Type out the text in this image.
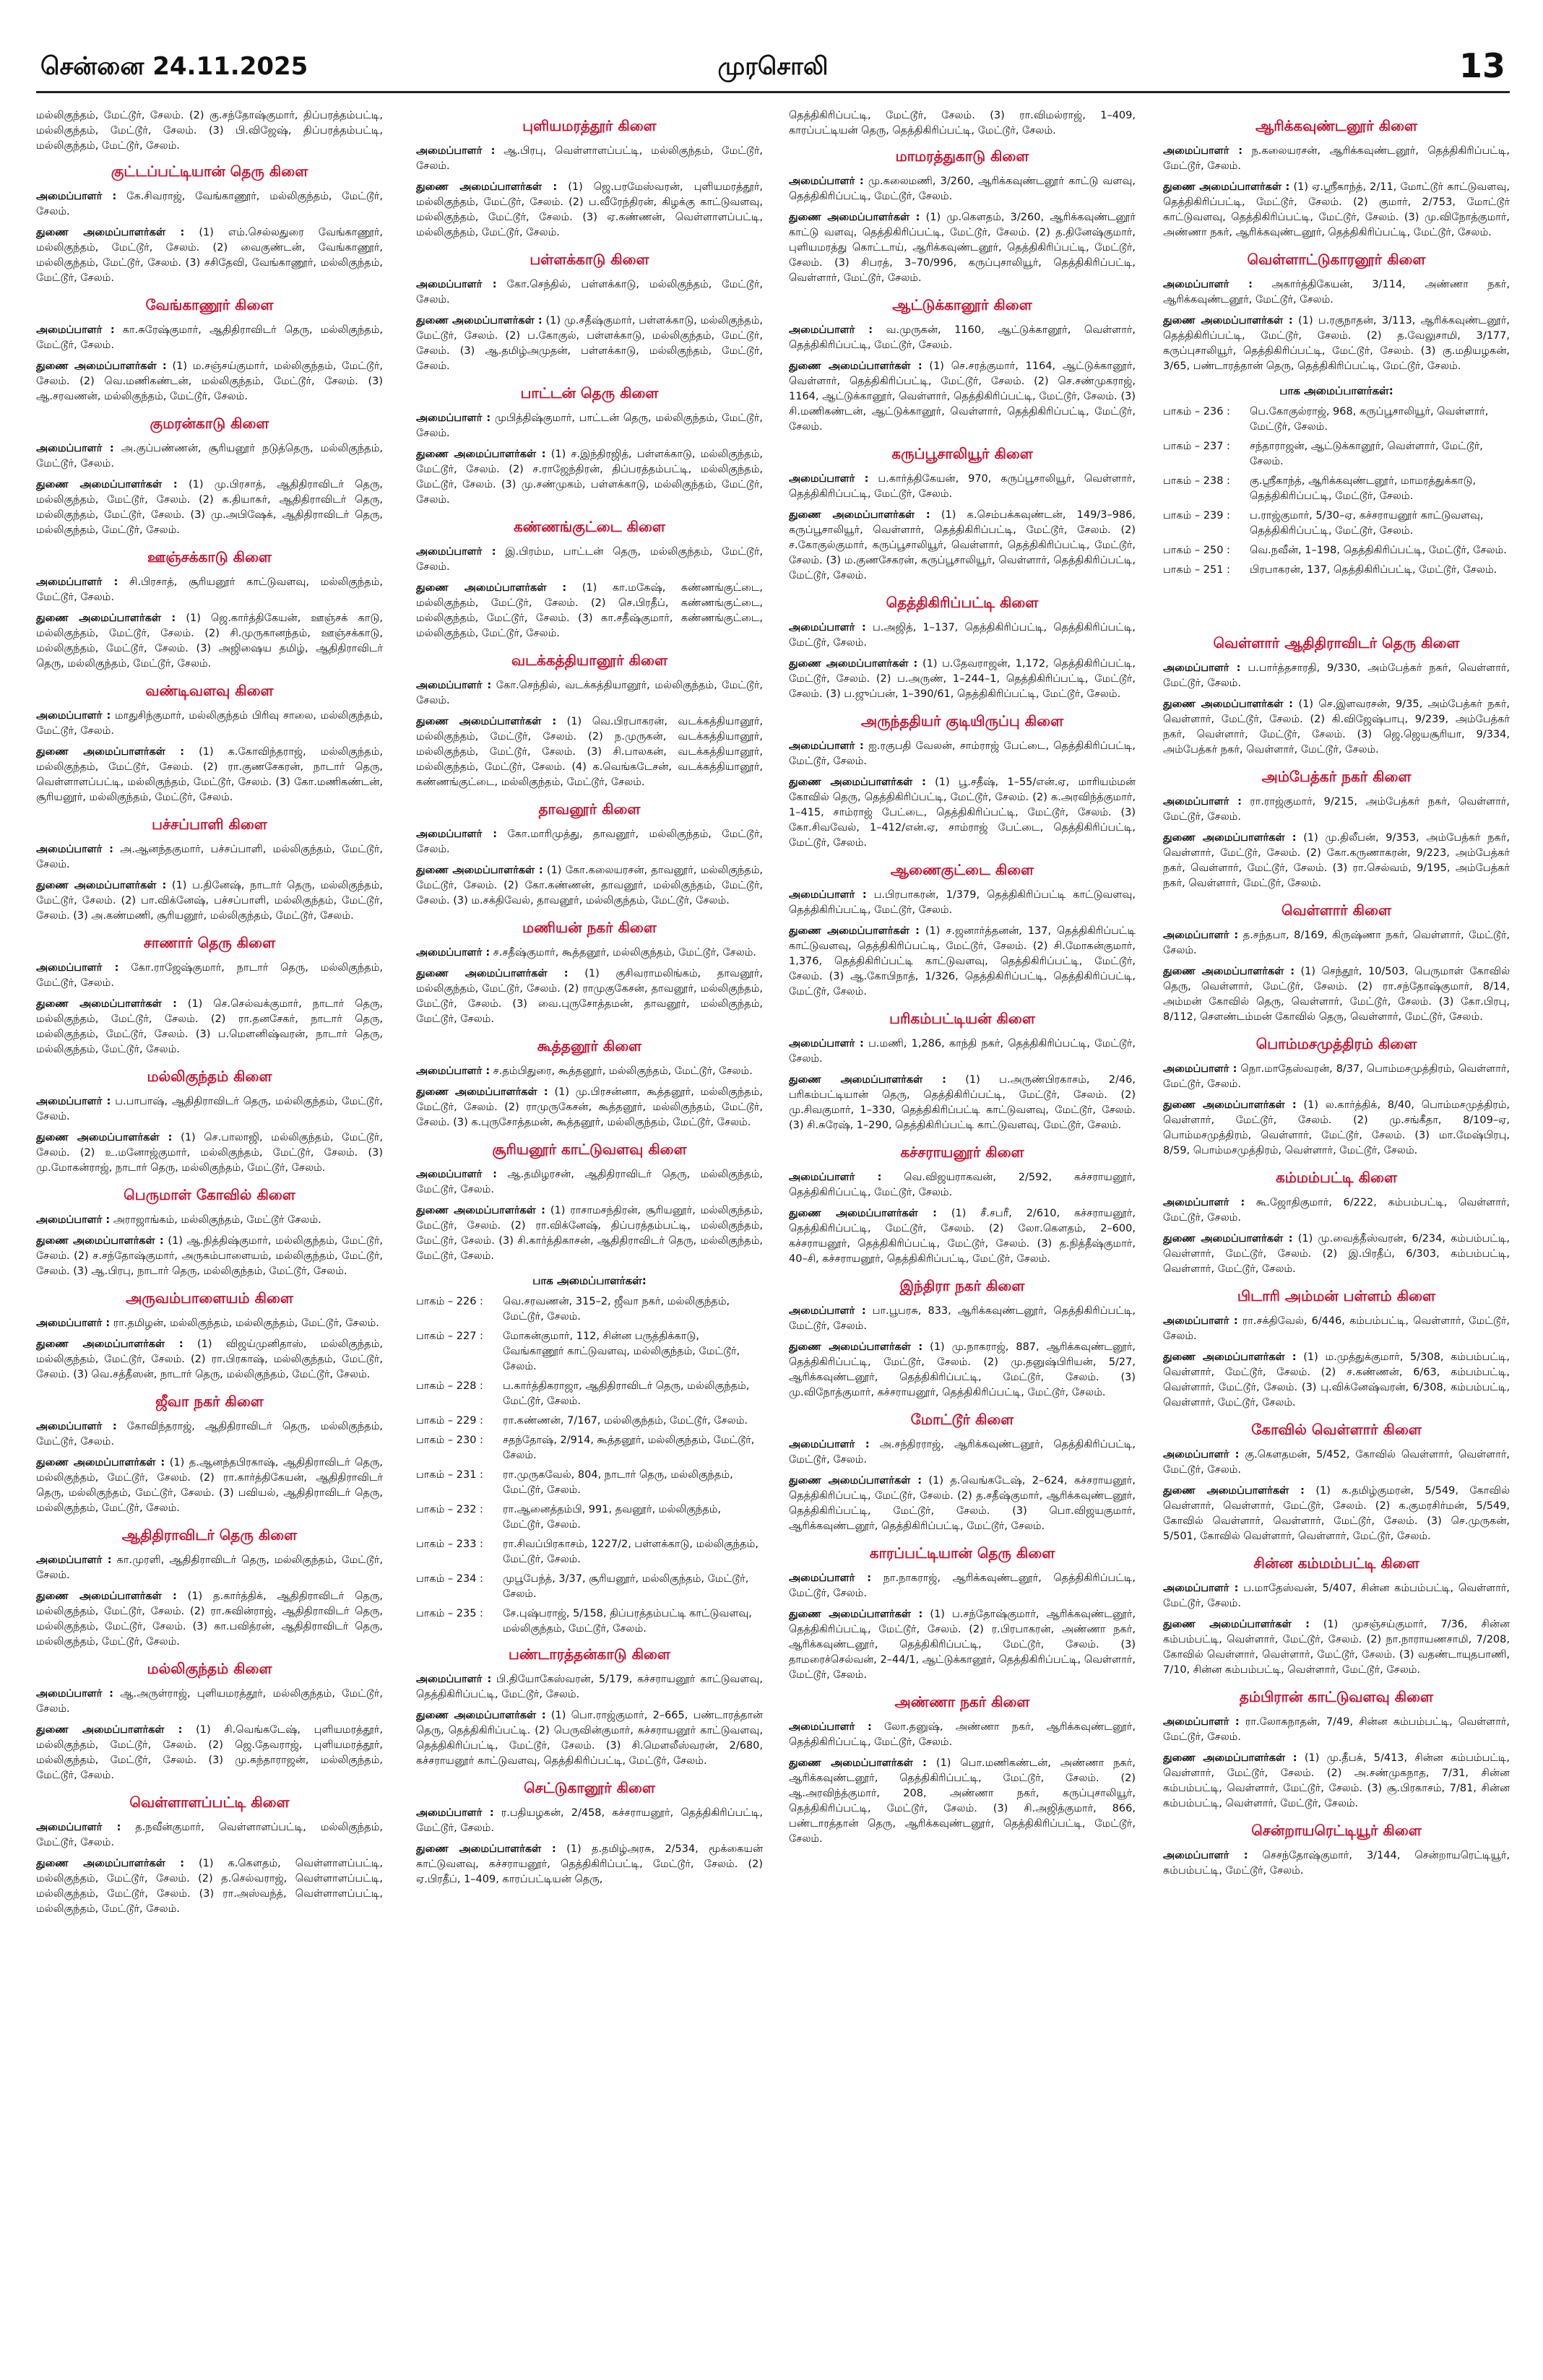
சென்னை 24.11.2025	முரசொலி	13

மல்லிகுந்தம், மேட்டூர், சேலம். (2) கு.சந்தோஷ்குமார், திப்பரத்தம்பட்டி, மல்லிகுந்தம், மேட்டூர், சேலம். (3) பி.விஜேஷ், திப்பரத்தம்பட்டி, மல்லிகுந்தம், மேட்டூர், சேலம்.

குட்டப்பட்டியான் தெரு கிளை

அமைப்பாளர் : கே.சிவராஜ், வேங்காணூர், மல்லிகுந்தம், மேட்டூர், சேலம்.

துணை அமைப்பாளர்கள் : (1) எம்.செல்லதுரை வேங்காணூர், மல்லிகுந்தம், மேட்டூர், சேலம். (2) வைகுண்டன், வேங்காணூர், மல்லிகுந்தம், மேட்டூர், சேலம். (3) சசிதேவி, வேங்காணூர், மல்லிகுந்தம், மேட்டூர், சேலம்.

வேங்காணூர் கிளை

அமைப்பாளர் : கா.சுரேஷ்குமார், ஆதிதிராவிடர் தெரு, மல்லிகுந்தம், மேட்டூர், சேலம்.

துணை அமைப்பாளர்கள் : (1) ம.சஞ்சய்குமார், மல்லிகுந்தம், மேட்டூர், சேலம். (2) வெ.மணிகண்டன், மல்லிகுந்தம், மேட்டூர், சேலம். (3) ஆ.சரவணன், மல்லிகுந்தம், மேட்டூர், சேலம்.

குமரன்காடு கிளை

அமைப்பாளர் : அ.குப்பண்ணன், சூரியனூர் நடுத்தெரு, மல்லிகுந்தம், மேட்டூர், சேலம்.

துணை அமைப்பாளர்கள் : (1) மு.பிரசாத், ஆதிதிராவிடர் தெரு, மல்லிகுந்தம், மேட்டூர், சேலம். (2) க.தியாகர், ஆதிதிராவிடர் தெரு, மல்லிகுந்தம், மேட்டூர், சேலம். (3) மு.அபிஷேக், ஆதிதிராவிடர் தெரு, மல்லிகுந்தம், மேட்டூர், சேலம்.

ஊஞ்சக்காடு கிளை

அமைப்பாளர் : சி.பிரசாத், சூரியனூர் காட்டுவளவு, மல்லிகுந்தம், மேட்டூர், சேலம்.

துணை அமைப்பாளர்கள் : (1) ஜெ.கார்த்திகேயன், ஊஞ்சக் காடு, மல்லிகுந்தம், மேட்டூர், சேலம். (2) சி.முருகானந்தம், ஊஞ்சக்காடு, மல்லிகுந்தம், மேட்டூர், சேலம். (3) அஜிஷைய தமிழ், ஆதிதிராவிடர் தெரு, மல்லிகுந்தம், மேட்டூர், சேலம்.

வண்டிவளவு கிளை

அமைப்பாளர் : மாதுசிந்குமார், மல்லிகுந்தம் பிரிவு சாலை, மல்லிகுந்தம், மேட்டூர், சேலம்.

துணை அமைப்பாளர்கள் : (1) க.கோவிந்தராஜ், மல்லிகுந்தம், மல்லிகுந்தம், மேட்டூர், சேலம். (2) ரா.குணசேகரன், நாடார் தெரு, வெள்ளாளப்பட்டி, மல்லிகுந்தம், மேட்டூர், சேலம். (3) கோ.மணிகண்டன், சூரியனூர், மல்லிகுந்தம், மேட்டூர், சேலம்.

பச்சப்பாளி கிளை

அமைப்பாளர் : அ.ஆனந்தகுமார், பச்சப்பாளி, மல்லிகுந்தம், மேட்டூர், சேலம்.

துணை அமைப்பாளர்கள் : (1) ப.தினேஷ், நாடார் தெரு, மல்லிகுந்தம், மேட்டூர், சேலம். (2) பா.விக்னேஷ், பச்சப்பாளி, மல்லிகுந்தம், மேட்டூர், சேலம். (3) அ.கண்மணி, சூரியனூர், மல்லிகுந்தம், மேட்டூர், சேலம்.

சாணார் தெரு கிளை

அமைப்பாளர் : கோ.ராஜேஷ்குமார், நாடார் தெரு, மல்லிகுந்தம், மேட்டூர், சேலம்.

துணை அமைப்பாளர்கள் : (1) செ.செல்வக்குமார், நாடார் தெரு, மல்லிகுந்தம், மேட்டூர், சேலம். (2) ரா.தனசேகர், நாடார் தெரு, மல்லிகுந்தம், மேட்டூர், சேலம். (3) ப.மௌனிஷ்வரன், நாடார் தெரு, மல்லிகுந்தம், மேட்டூர், சேலம்.

மல்லிகுந்தம் கிளை

அமைப்பாளர் : ப.பாபாஷ், ஆதிதிராவிடர் தெரு, மல்லிகுந்தம், மேட்டூர், சேலம்.

துணை அமைப்பாளர்கள் : (1) செ.பாலாஜி, மல்லிகுந்தம், மேட்டூர், சேலம். (2) உ.மனோஜ்குமார், மல்லிகுந்தம், மேட்டூர், சேலம். (3) மு.மோகன்ராஜ், நாடார் தெரு, மல்லிகுந்தம், மேட்டூர், சேலம்.

பெருமாள் கோவில் கிளை

அமைப்பாளர் : அராஜாங்கம், மல்லிகுந்தம், மேட்டூர் சேலம்.

துணை அமைப்பாளர்கள் : (1) ஆ.நித்திஷ்குமார், மல்லிகுந்தம், மேட்டூர், சேலம். (2) ச.சந்தோஷ்குமார், அருகம்பாளையம், மல்லிகுந்தம், மேட்டூர், சேலம். (3) ஆ.பிரபு, நாடார் தெரு, மல்லிகுந்தம், மேட்டூர், சேலம்.

அருவம்பாளையம் கிளை

அமைப்பாளர் : ரா.தமிழன், மல்லிகுந்தம், மல்லிகுந்தம், மேட்டூர், சேலம்.

துணை அமைப்பாளர்கள் : (1) விஜய்முனிதாஸ், மல்லிகுந்தம், மல்லிகுந்தம், மேட்டூர், சேலம். (2) ரா.பிரகாஷ், மல்லிகுந்தம், மேட்டூர், சேலம். (3) வெ.சத்தீஸன், நாடார் தெரு, மல்லிகுந்தம், மேட்டூர், சேலம்.

ஜீவா நகர் கிளை

அமைப்பாளர் : கோவிந்தராஜ், ஆதிதிராவிடர் தெரு, மல்லிகுந்தம், மேட்டூர், சேலம்.

துணை அமைப்பாளர்கள் : (1) த.ஆனந்தபிரகாஷ், ஆதிதிராவிடர் தெரு, மல்லிகுந்தம், மேட்டூர், சேலம். (2) ரா.கார்த்திகேயன், ஆதிதிராவிடர் தெரு, மல்லிகுந்தம், மேட்டூர், சேலம். (3) பவியல், ஆதிதிராவிடர் தெரு, மல்லிகுந்தம், மேட்டூர், சேலம்.

ஆதிதிராவிடர் தெரு கிளை

அமைப்பாளர் : கா.முரளி, ஆதிதிராவிடர் தெரு, மல்லிகுந்தம், மேட்டூர், சேலம்.

துணை அமைப்பாளர்கள் : (1) த.கார்த்திக், ஆதிதிராவிடர் தெரு, மல்லிகுந்தம், மேட்டூர், சேலம். (2) ரா.சுவின்ராஜ், ஆதிதிராவிடர் தெரு, மல்லிகுந்தம், மேட்டூர், சேலம். (3) கா.பவித்ரன், ஆதிதிராவிடர் தெரு, மல்லிகுந்தம், மேட்டூர், சேலம்.

மல்லிகுந்தம் கிளை

அமைப்பாளர் : ஆ.அருள்ராஜ், புளியமரத்தூர், மல்லிகுந்தம், மேட்டூர், சேலம்.

துணை அமைப்பாளர்கள் : (1) சி.வெங்கடேஷ், புளியமரத்தூர், மல்லிகுந்தம், மேட்டூர், சேலம். (2) ஜெ.தேவராஜ், புளியமரத்தூர், மல்லிகுந்தம், மேட்டூர், சேலம். (3) மு.கந்தாராஜன், மல்லிகுந்தம், மேட்டூர், சேலம்.

வெள்ளாளப்பட்டி கிளை

அமைப்பாளர் : த.நவீன்குமார், வெள்ளாளப்பட்டி, மல்லிகுந்தம், மேட்டூர், சேலம்.

துணை அமைப்பாளர்கள் : (1) க.கௌதம், வெள்ளாளப்பட்டி, மல்லிகுந்தம், மேட்டூர், சேலம். (2) த.செல்வராஜ், வெள்ளாளப்பட்டி, மல்லிகுந்தம், மேட்டூர், சேலம். (3) ரா.அஸ்வந்த், வெள்ளாளப்பட்டி, மல்லிகுந்தம், மேட்டூர், சேலம்.

புளியமரத்தூர் கிளை

அமைப்பாளர் : ஆ.பிரபு, வெள்ளாளப்பட்டி, மல்லிகுந்தம், மேட்டூர், சேலம்.

துணை அமைப்பாளர்கள் : (1) ஜெ.பரமேஸ்வரன், புளியமரத்தூர், மல்லிகுந்தம், மேட்டூர், சேலம். (2) ப.வீரேந்திரன், கிழக்கு காட்டுவளவு, மல்லிகுந்தம், மேட்டூர், சேலம். (3) ஏ.கண்ணன், வெள்ளாளப்பட்டி, மல்லிகுந்தம், மேட்டூர், சேலம்.

பள்ளக்காடு கிளை

அமைப்பாளர் : கோ.செந்தில், பள்ளக்காடு, மல்லிகுந்தம், மேட்டூர், சேலம்.

துணை அமைப்பாளர்கள் : (1) மு.சதீஷ்குமார், பள்ளக்காடு, மல்லிகுந்தம், மேட்டூர், சேலம். (2) ப.கோகுல், பள்ளக்காடு, மல்லிகுந்தம், மேட்டூர், சேலம். (3) ஆ.தமிழ்அமுதன், பள்ளக்காடு, மல்லிகுந்தம், மேட்டூர், சேலம்.

பாட்டன் தெரு கிளை

அமைப்பாளர் : முபித்திஷ்குமார், பாட்டன் தெரு, மல்லிகுந்தம், மேட்டூர், சேலம்.

துணை அமைப்பாளர்கள் : (1) ச.இந்திரஜித், பள்ளக்காடு, மல்லிகுந்தம், மேட்டூர், சேலம். (2) ச.ராஜேந்திரன், திப்பரத்தம்பட்டி, மல்லிகுந்தம், மேட்டூர், சேலம். (3) மு.சண்முகம், பள்ளக்காடு, மல்லிகுந்தம், மேட்டூர், சேலம்.

கண்ணங்குட்டை கிளை

அமைப்பாளர் : இ.பிரம்ம, பாட்டன் தெரு, மல்லிகுந்தம், மேட்டூர், சேலம்.

துணை அமைப்பாளர்கள் : (1) கா.மகேஷ், கண்ணங்குட்டை, மல்லிகுந்தம், மேட்டூர், சேலம். (2) செ.பிரதீப், கண்ணங்குட்டை, மல்லிகுந்தம், மேட்டூர், சேலம். (3) கா.சதீஷ்குமார், கண்ணங்குட்டை, மல்லிகுந்தம், மேட்டூர், சேலம்.

வடக்கத்தியானூர் கிளை

அமைப்பாளர் : கோ.செந்தில், வடக்கத்தியானூர், மல்லிகுந்தம், மேட்டூர், சேலம்.

துணை அமைப்பாளர்கள் : (1) வெ.பிரபாகரன், வடக்கத்தியானூர், மல்லிகுந்தம், மேட்டூர், சேலம். (2) ந.முருகன், வடக்கத்தியானூர், மல்லிகுந்தம், மேட்டூர், சேலம். (3) சி.பாலகன், வடக்கத்தியானூர், மல்லிகுந்தம், மேட்டூர், சேலம். (4) க.வெங்கடேசன், வடக்கத்தியானூர், கண்ணங்குட்டை, மல்லிகுந்தம், மேட்டூர், சேலம்.

தாவனூர் கிளை

அமைப்பாளர் : கோ.மாரிமுத்து, தாவனூர், மல்லிகுந்தம், மேட்டூர், சேலம்.

துணை அமைப்பாளர்கள் : (1) கோ.கலையரசன், தாவனூர், மல்லிகுந்தம், மேட்டூர், சேலம். (2) கோ.கண்ணன், தாவனூர், மல்லிகுந்தம், மேட்டூர், சேலம். (3) ம.சக்திவேல், தாவனூர், மல்லிகுந்தம், மேட்டூர், சேலம்.

மணியன் நகர் கிளை

அமைப்பாளர் : ச.சதீஷ்குமார், கூத்தனூர், மல்லிகுந்தம், மேட்டூர், சேலம்.

துணை அமைப்பாளர்கள் : (1) குசிவராமலிங்கம், தாவனூர், மல்லிகுந்தம், மேட்டூர், சேலம். (2) ராமுகுகேசன், தாவனூர், மல்லிகுந்தம், மேட்டூர், சேலம். (3) வை.புருசோத்தமன், தாவனூர், மல்லிகுந்தம், மேட்டூர், சேலம்.

கூத்தனூர் கிளை

அமைப்பாளர் : ச.தம்பிதுரை, கூத்தனூர், மல்லிகுந்தம், மேட்டூர், சேலம்.

துணை அமைப்பாளர்கள் : (1) மு.பிரசன்னா, கூத்தனூர், மல்லிகுந்தம், மேட்டூர், சேலம். (2) ராமுருகேசன், கூத்தனூர், மல்லிகுந்தம், மேட்டூர், சேலம். (3) க.புருசோத்தமன், கூத்தனூர், மல்லிகுந்தம், மேட்டூர், சேலம்.

சூரியனூர் காட்டுவளவு கிளை

அமைப்பாளர் : ஆ.தமிழரசன், ஆதிதிராவிடர் தெரு, மல்லிகுந்தம், மேட்டூர், சேலம்.

துணை அமைப்பாளர்கள் : (1) ராசாமசந்திரன், சூரியனூர், மல்லிகுந்தம், மேட்டூர், சேலம். (2) ரா.விக்னேஷ், திப்பரத்தம்பட்டி, மல்லிகுந்தம், மேட்டூர், சேலம். (3) சி.கார்த்திகாசன், ஆதிதிராவிடர் தெரு, மல்லிகுந்தம், மேட்டூர், சேலம்.

பாக அமைப்பாளர்கள்:
பாகம் – 226 :	வெ.சரவணன், 315–2, ஜீவா நகர், மல்லிகுந்தம், மேட்டூர், சேலம்.
பாகம் – 227 :	மோகன்குமார், 112, சின்ன பருத்திக்காடு, வேங்காணூர் காட்டுவளவு, மல்லிகுந்தம், மேட்டூர், சேலம்.
பாகம் – 228 :	ப.கார்த்திகராஜா, ஆதிதிராவிடர் தெரு, மல்லிகுந்தம், மேட்டூர், சேலம்.
பாகம் – 229 :	ரா.கண்ணன், 7/167, மல்லிகுந்தம், மேட்டூர், சேலம்.
பாகம் – 230 :	சதந்தோஷ், 2/914, கூத்தனூர், மல்லிகுந்தம், மேட்டூர், சேலம்.
பாகம் – 231 :	ரா.முருகவேல், 804, நாடார் தெரு, மல்லிகுந்தம், மேட்டூர், சேலம்.
பாகம் – 232 :	ரா.ஆனைத்தம்பி, 991, தவனூர், மல்லிகுந்தம், மேட்டூர், சேலம்.
பாகம் – 233 :	ரா.சிவப்பிரகாசம், 1227/2, பள்ளக்காடு, மல்லிகுந்தம், மேட்டூர், சேலம்.
பாகம் – 234 :	முபூபேந்த், 3/37, சூரியனூர், மல்லிகுந்தம், மேட்டூர், சேலம்.
பாகம் – 235 :	சே.புஷ்பராஜ், 5/158, திப்பரத்தம்பட்டி காட்டுவளவு, மல்லிகுந்தம், மேட்டூர், சேலம்.
பண்டாரத்தன்காடு கிளை

அமைப்பாளர் : பி.தியோகேஸ்வரன், 5/179, கச்சராயனூர் காட்டுவளவு, தெத்திகிரிப்பட்டி, மேட்டூர், சேலம்.

துணை அமைப்பாளர்கள் : (1) பொ.ராஜ்குமார், 2–665, பண்டாரத்தான் தெரு, தெத்திகிரிப்பட்டி. (2) பெருவின்குமார், கச்சராயனூர் காட்டுவளவு, தெத்திகிரிப்பட்டி, மேட்டூர், சேலம். (3) சி.மௌலீஸ்வரன், 2/680, கச்சராயனூர் காட்டுவளவு, தெத்திகிரிப்பட்டி, மேட்டூர், சேலம்.

செட்டுகானூர் கிளை

அமைப்பாளர் : ர.பதியழகன், 2/458, கச்சராயனூர், தெத்திகிரிப்பட்டி, மேட்டூர், சேலம்.

துணை அமைப்பாளர்கள் : (1) த.தமிழ்அரசு, 2/534, மூக்கையன் காட்டுவளவு, கச்சராயனூர், தெத்திகிரிப்பட்டி, மேட்டூர், சேலம். (2) ஏ.பிரதீப், 1–409, காரப்பட்டியன் தெரு,

தெத்திகிரிப்பட்டி, மேட்டூர், சேலம். (3) ரா.விமல்ராஜ், 1–409, காரப்பட்டியன் தெரு, தெத்திகிரிப்பட்டி, மேட்டூர், சேலம்.

மாமரத்துகாடு கிளை

அமைப்பாளர் : மு.கலைமணி, 3/260, ஆரிக்கவுண்டனூர் காட்டு வளவு, தெத்திகிரிப்பட்டி, மேட்டூர், சேலம்.

துணை அமைப்பாளர்கள் : (1) மு.கௌதம், 3/260, ஆரிக்கவுண்டனூர் காட்டு வளவு, தெத்திகிரிப்பட்டி, மேட்டூர், சேலம். (2) த.தினேஷ்குமார், புளியமரத்து கொட்டாய், ஆரிக்கவுண்டனூர், தெத்திகிரிப்பட்டி, மேட்டூர், சேலம். (3) சிபரத், 3–70/996, கருப்புசாலியூர், தெத்திகிரிப்பட்டி, வெள்ளார், மேட்டூர், சேலம்.

ஆட்டுக்கானூர் கிளை

அமைப்பாளர் : வ.முருகன், 1160, ஆட்டுக்கானூர், வெள்ளார், தெத்திகிரிப்பட்டி, மேட்டூர், சேலம்.

துணை அமைப்பாளர்கள் : (1) செ.சரத்குமார், 1164, ஆட்டுக்கானூர், வெள்ளார், தெத்திகிரிப்பட்டி, மேட்டூர், சேலம். (2) செ.சண்முகராஜ், 1164, ஆட்டுக்கானூர், வெள்ளார், தெத்திகிரிப்பட்டி, மேட்டூர், சேலம். (3) சி.மணிகண்டன், ஆட்டுக்கானூர், வெள்ளார், தெத்திகிரிப்பட்டி, மேட்டூர், சேலம்.

கருப்பூசாலியூர் கிளை

அமைப்பாளர் : ப.கார்த்திகேயன், 970, கருப்பூசாலியூர், வெள்ளார், தெத்திகிரிப்பட்டி, மேட்டூர், சேலம்.

துணை அமைப்பாளர்கள் : (1) க.செம்பக்கவுண்டன், 149/3–986, கருப்பூசாலியூர், வெள்ளார், தெத்திகிரிப்பட்டி, மேட்டூர், சேலம். (2) ச.கோகுல்குமார், கருப்பூசாலியூர், வெள்ளார், தெத்திகிரிப்பட்டி, மேட்டூர், சேலம். (3) ம.குணசேகரன், கருப்பூசாலியூர், வெள்ளார், தெத்திகிரிப்பட்டி, மேட்டூர், சேலம்.

தெத்திகிரிப்பட்டி கிளை

அமைப்பாளர் : ப.அஜித், 1–137, தெத்திகிரிப்பட்டி, தெத்திகிரிப்பட்டி, மேட்டூர், சேலம்.

துணை அமைப்பாளர்கள் : (1) ப.தேவராஜன், 1,172, தெத்திகிரிப்பட்டி, மேட்டூர், சேலம். (2) ப.அருண், 1–244–1, தெத்திகிரிப்பட்டி, மேட்டூர், சேலம். (3) ப.ஜுப்பன், 1–390/61, தெத்திகிரிப்பட்டி, மேட்டூர், சேலம்.

அருந்ததியர் குடியிருப்பு கிளை

அமைப்பாளர் : ஐ.ரகுபதி வேலன், சாம்ராஜ் பேட்டை, தெத்திகிரிப்பட்டி, மேட்டூர், சேலம்.

துணை அமைப்பாளர்கள் : (1) பூ.சதீஷ், 1–55/என்.ஏ, மாரியம்மன் கோவில் தெரு, தெத்திகிரிப்பட்டி, மேட்டூர், சேலம். (2) க.அரவிந்த்குமார், 1–415, சாம்ராஜ் பேட்டை, தெத்திகிரிப்பட்டி, மேட்டூர், சேலம். (3) கோ.சிவவேல், 1–412/என்.ஏ, சாம்ராஜ் பேட்டை, தெத்திகிரிப்பட்டி, மேட்டூர், சேலம்.

ஆணைகுட்டை கிளை

அமைப்பாளர் : ப.பிரபாகரன், 1/379, தெத்திகிரிப்பட்டி காட்டுவளவு, தெத்திகிரிப்பட்டி, மேட்டூர், சேலம்.

துணை அமைப்பாளர்கள் : (1) ச.ஜனார்த்தனன், 137, தெத்திகிரிப்பட்டி காட்டுவளவு, தெத்திகிரிப்பட்டி, மேட்டூர், சேலம். (2) சி.மோகன்குமார், 1,376, தெத்திகிரிப்பட்டி காட்டுவளவு, தெத்திகிரிப்பட்டி, மேட்டூர், சேலம். (3) ஆ.கோபிநாத், 1/326, தெத்திகிரிப்பட்டி, தெத்திகிரிப்பட்டி, மேட்டூர், சேலம்.

பரிகம்பட்டியன் கிளை

அமைப்பாளர் : ப.மணி, 1,286, காந்தி நகர், தெத்திகிரிப்பட்டி, மேட்டூர், சேலம்.

துணை அமைப்பாளர்கள் : (1) ப.அருண்பிரகாசம், 2/46, பரிகம்பட்டியான் தெரு, தெத்திகிரிப்பட்டி, மேட்டூர், சேலம். (2) மு.சிவகுமார், 1–330, தெத்திகிரிப்பட்டி காட்டுவளவு, மேட்டூர், சேலம். (3) சி.சுரேஷ், 1–290, தெத்திகிரிப்பட்டி காட்டுவளவு, மேட்டூர், சேலம்.

கச்சராயனூர் கிளை

அமைப்பாளர் : வெ.விஜயராகவன், 2/592, கச்சராயனூர், தெத்திகிரிப்பட்டி, மேட்டூர், சேலம்.

துணை அமைப்பாளர்கள் : (1) சீ.சபரீ, 2/610, கச்சராயனூர், தெத்திகிரிப்பட்டி, மேட்டூர், சேலம். (2) லோ.கௌதம், 2–600, கச்சராயனூர், தெத்திகிரிப்பட்டி, மேட்டூர், சேலம். (3) த.நித்தீஷ்குமார், 40–சி, கச்சராயனூர், தெத்திகிரிப்பட்டி, மேட்டூர், சேலம்.

இந்திரா நகர் கிளை

அமைப்பாளர் : பா.பூபரசு, 833, ஆரிக்கவுண்டனூர், தெத்திகிரிப்பட்டி, மேட்டூர், சேலம்.

துணை அமைப்பாளர்கள் : (1) மு.நாகராஜ், 887, ஆரிக்கவுண்டனூர், தெத்திகிரிப்பட்டி, மேட்டூர், சேலம். (2) மு.தனுஷ்பிரியன், 5/27, ஆரிக்கவுண்டனூர், தெத்திகிரிப்பட்டி, மேட்டூர், சேலம். (3) மு.விநோத்குமார், கச்சராயனூர், தெத்திகிரிப்பட்டி, மேட்டூர், சேலம்.

மோட்டூர் கிளை

அமைப்பாளர் : அ.சந்திரராஜ், ஆரிக்கவுண்டனூர், தெத்திகிரிப்பட்டி, மேட்டூர், சேலம்.

துணை அமைப்பாளர்கள் : (1) த.வெங்கடேஷ், 2–624, கச்சராயனூர், தெத்திகிரிப்பட்டி, மேட்டூர், சேலம். (2) த.சதீஷ்குமார், ஆரிக்கவுண்டனூர், தெத்திகிரிப்பட்டி, மேட்டூர், சேலம். (3) பொ.விஜயகுமார், ஆரிக்கவுண்டனூர், தெத்திகிரிப்பட்டி, மேட்டூர், சேலம்.

காரப்பட்டியான் தெரு கிளை

அமைப்பாளர் : நா.நாகராஜ், ஆரிக்கவுண்டனூர், தெத்திகிரிப்பட்டி, மேட்டூர், சேலம்.

துணை அமைப்பாளர்கள் : (1) ப.சந்தோஷ்குமார், ஆரிக்கவுண்டனூர், தெத்திகிரிப்பட்டி, மேட்டூர், சேலம். (2) ர.பிரபாகரன், அண்ணா நகர், ஆரிக்கவுண்டனூர், தெத்திகிரிப்பட்டி, மேட்டூர், சேலம். (3) தாமரைச்செல்வன், 2–44/1, ஆட்டுக்கானூர், தெத்திகிரிப்பட்டி, வெள்ளார், மேட்டூர், சேலம்.

அண்ணா நகர் கிளை

அமைப்பாளர் : லோ.தனுஷ், அண்ணா நகர், ஆரிக்கவுண்டனூர், தெத்திகிரிப்பட்டி, மேட்டூர், சேலம்.

துணை அமைப்பாளர்கள் : (1) பொ.மணிகண்டன், அண்ணா நகர், ஆரிக்கவுண்டனூர், தெத்திகிரிப்பட்டி, மேட்டூர், சேலம். (2) ஆ.அரவிந்த்குமார், 208, அண்ணா நகர், கருப்புசாலியூர், தெத்திகிரிப்பட்டி, மேட்டூர், சேலம். (3) சி.அஜித்குமார், 866, பண்டாரத்தான் தெரு, ஆரிக்கவுண்டனூர், தெத்திகிரிப்பட்டி, மேட்டூர், சேலம்.

ஆரிக்கவுண்டனூர் கிளை

அமைப்பாளர் : ந.கலையரசன், ஆரிக்கவுண்டனூர், தெத்திகிரிப்பட்டி, மேட்டூர், சேலம்.

துணை அமைப்பாளர்கள் : (1) ஏ.ஸ்ரீகாந்த், 2/11, மோட்டூர் காட்டுவளவு, தெத்திகிரிப்பட்டி, மேட்டூர், சேலம். (2) குமார், 2/753, மோட்டூர் காட்டுவளவு, தெத்திகிரிப்பட்டி, மேட்டூர், சேலம். (3) மு.விநோத்குமார், அண்ணா நகர், ஆரிக்கவுண்டனூர், தெத்திகிரிப்பட்டி, மேட்டூர், சேலம்.

வெள்ளாட்டுகாரனூர் கிளை

அமைப்பாளர் : அகார்த்திகேயன், 3/114, அண்ணா நகர், ஆரிக்கவுண்டனூர், மேட்டூர், சேலம்.

துணை அமைப்பாளர்கள் : (1) ப.ரகுநாதன், 3/113, ஆரிக்கவுண்டனூர், தெத்திகிரிப்பட்டி, மேட்டூர், சேலம். (2) த.வேலுசாமி, 3/177, கருப்புசாலியூர், தெத்திகிரிப்பட்டி, மேட்டூர், சேலம். (3) கு.மதியழகன், 3/65, பண்டாரத்தான் தெரு, தெத்திகிரிப்பட்டி, மேட்டூர், சேலம்.

பாக அமைப்பாளர்கள்:
பாகம் – 236 :	பெ.கோகுல்ராஜ், 968, கருப்பூசாலியூர், வெள்ளார், மேட்டூர், சேலம்.
பாகம் – 237 :	சந்தாராஜன், ஆட்டுக்கானூர், வெள்ளார், மேட்டூர், சேலம்.
பாகம் – 238 :	கு.ஸ்ரீகாந்த், ஆரிக்கவுண்டனூர், மாமரத்துக்காடு, தெத்திகிரிப்பட்டி, மேட்டூர், சேலம்.
பாகம் – 239 :	ப.ராஜ்குமார், 5/30–ஏ, கச்சராயனூர் காட்டுவளவு, தெத்திகிரிப்பட்டி, மேட்டூர், சேலம்.
பாகம் – 250 :	வெ.நவீன், 1–198, தெத்திகிரிப்பட்டி, மேட்டூர், சேலம்.
பாகம் – 251 :	பிரபாகரன், 137, தெத்திகிரிப்பட்டி, மேட்டூர், சேலம்.
வெள்ளார் ஆதிதிராவிடர் தெரு கிளை

அமைப்பாளர் : ப.பார்த்தசாரதி, 9/330, அம்பேத்கர் நகர், வெள்ளார், மேட்டூர், சேலம்.

துணை அமைப்பாளர்கள் : (1) செ.இளவரசன், 9/35, அம்பேத்கர் நகர், வெள்ளார், மேட்டூர், சேலம். (2) கி.விஜேஷ்பாபு, 9/239, அம்பேத்கர் நகர், வெள்ளார், மேட்டூர், சேலம். (3) ஜெ.ஜெயசூரியா, 9/334, அம்பேத்கர் நகர், வெள்ளார், மேட்டூர், சேலம்.

அம்பேத்கர் நகர் கிளை

அமைப்பாளர் : ரா.ராஜ்குமார், 9/215, அம்பேத்கர் நகர், வெள்ளார், மேட்டூர், சேலம்.

துணை அமைப்பாளர்கள் : (1) மு.திலீபன், 9/353, அம்பேத்கர் நகர், வெள்ளார், மேட்டூர், சேலம். (2) கோ.கருணாகரன், 9/223, அம்பேத்கர் நகர், வெள்ளார், மேட்டூர், சேலம். (3) ரா.செல்வம், 9/195, அம்பேத்கர் நகர், வெள்ளார், மேட்டூர், சேலம்.

வெள்ளார் கிளை

அமைப்பாளர் : த.சந்தபா, 8/169, கிருஷ்ணா நகர், வெள்ளார், மேட்டூர், சேலம்.

துணை அமைப்பாளர்கள் : (1) செந்தூர், 10/503, பெருமாள் கோவில் தெரு, வெள்ளார், மேட்டூர், சேலம். (2) ரா.சந்தோஷ்குமார், 8/14, அம்மன் கோவில் தெரு, வெள்ளார், மேட்டூர், சேலம். (3) கோ.பிரபு, 8/112, சௌண்டம்மன் கோவில் தெரு, வெள்ளார், மேட்டூர், சேலம்.

பொம்மசமுத்திரம் கிளை

அமைப்பாளர் : நொ.மாதேஸ்வரன், 8/37, பொம்மசமுத்திரம், வெள்ளார், மேட்டூர், சேலம்.

துணை அமைப்பாளர்கள் : (1) ல.கார்த்திக், 8/40, பொம்மசமுத்திரம், வெள்ளார், மேட்டூர், சேலம். (2) மு.சங்கீதா, 8/109–ஏ, பொம்மசமுத்திரம், வெள்ளார், மேட்டூர், சேலம். (3) மா.மேஷ்பிரபு, 8/59, பொம்மசமுத்திரம், வெள்ளார், மேட்டூர், சேலம்.

கம்மம்பட்டி கிளை

அமைப்பாளர் : கூ.ஜோதிகுமார், 6/222, கம்பம்பட்டி, வெள்ளார், மேட்டூர், சேலம்.

துணை அமைப்பாளர்கள் : (1) மு.வைத்தீஸ்வரன், 6/234, கம்பம்பட்டி, வெள்ளார், மேட்டூர், சேலம். (2) இ.பிரதீப், 6/303, கம்பம்பட்டி, வெள்ளார், மேட்டூர், சேலம்.

பிடாரி அம்மன் பள்ளம் கிளை

அமைப்பாளர் : ரா.சக்திவேல், 6/446, கம்பம்பட்டி, வெள்ளார், மேட்டூர், சேலம்.

துணை அமைப்பாளர்கள் : (1) ம.முத்துக்குமார், 5/308, கம்பம்பட்டி, வெள்ளார், மேட்டூர், சேலம். (2) ச.கண்ணன், 6/63, கம்பம்பட்டி, வெள்ளார், மேட்டூர், சேலம். (3) பு.விக்னேஷ்வரன், 6/308, கம்பம்பட்டி, வெள்ளார், மேட்டூர், சேலம்.

கோவில் வெள்ளார் கிளை

அமைப்பாளர் : கு.கௌதமன், 5/452, கோவில் வெள்ளார், வெள்ளார், மேட்டூர், சேலம்.

துணை அமைப்பாளர்கள் : (1) க.தமிழ்குமரன், 5/549, கோவில் வெள்ளார், வெள்ளார், மேட்டூர், சேலம். (2) க.குமரசிர்மன், 5/549, கோவில் வெள்ளார், வெள்ளார், மேட்டூர், சேலம். (3) செ.முருகன், 5/501, கோவில் வெள்ளார், வெள்ளார், மேட்டூர், சேலம்.

சின்ன கம்மம்பட்டி கிளை

அமைப்பாளர் : ப.மாதேஸ்வன், 5/407, சின்ன கம்பம்பட்டி, வெள்ளார், மேட்டூர், சேலம்.

துணை அமைப்பாளர்கள் : (1) முசஞ்சய்குமார், 7/36, சின்ன கம்பம்பட்டி, வெள்ளார், மேட்டூர், சேலம். (2) நா.நாராயணசாமி, 7/208, கோவில் வெள்ளார், வெள்ளார், மேட்டூர், சேலம். (3) வதண்டாயுதபாணி, 7/10, சின்ன கம்பம்பட்டி, வெள்ளார், மேட்டூர், சேலம்.

தம்பிரான் காட்டுவளவு கிளை

அமைப்பாளர் : ரா.லோகநாதன், 7/49, சின்ன கம்பம்பட்டி, வெள்ளார், மேட்டூர், சேலம்.

துணை அமைப்பாளர்கள் : (1) மு.தீபக், 5/413, சின்ன கம்பம்பட்டி, வெள்ளார், மேட்டூர், சேலம். (2) அ.சண்முகநாத, 7/31, சின்ன கம்பம்பட்டி, வெள்ளார், மேட்டூர், சேலம். (3) சூ.பிரகாசம், 7/81, சின்ன கம்பம்பட்டி, வெள்ளார், மேட்டூர், சேலம்.

சென்றாயரெட்டியூர் கிளை

அமைப்பாளர் : செசந்தோஷ்குமார், 3/144, சென்றாயரெட்டியூர், கம்பம்பட்டி, மேட்டூர், சேலம்.
